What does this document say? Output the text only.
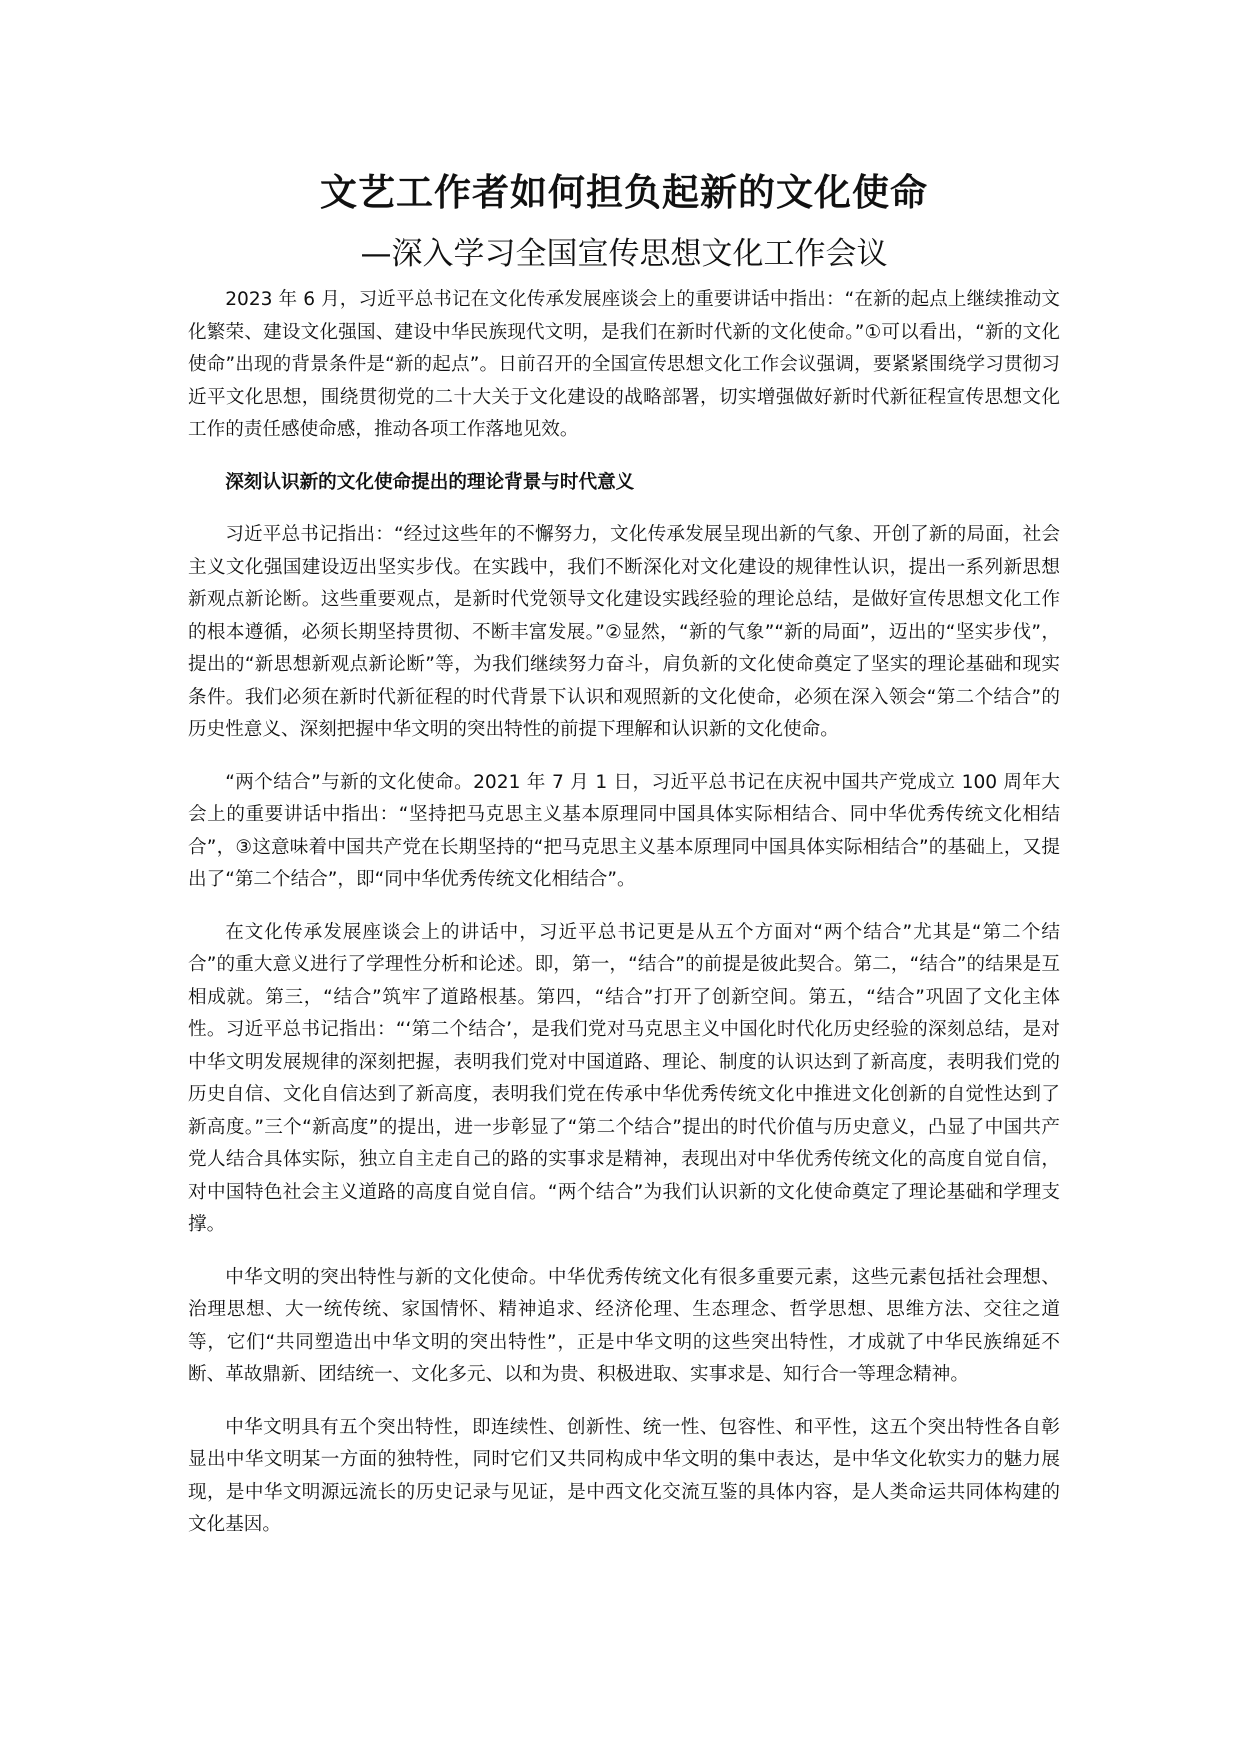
文艺工作者如何担负起新的文化使命
—深入学习全国宣传思想文化工作会议

2023 年 6 月，习近平总书记在文化传承发展座谈会上的重要讲话中指出：“在新的起点上继续推动文化繁荣、建设文化强国、建设中华民族现代文明，是我们在新时代新的文化使命。”①可以看出，“新的文化使命”出现的背景条件是“新的起点”。日前召开的全国宣传思想文化工作会议强调，要紧紧围绕学习贯彻习近平文化思想，围绕贯彻党的二十大关于文化建设的战略部署，切实增强做好新时代新征程宣传思想文化工作的责任感使命感，推动各项工作落地见效。

深刻认识新的文化使命提出的理论背景与时代意义

习近平总书记指出：“经过这些年的不懈努力，文化传承发展呈现出新的气象、开创了新的局面，社会主义文化强国建设迈出坚实步伐。在实践中，我们不断深化对文化建设的规律性认识，提出一系列新思想新观点新论断。这些重要观点，是新时代党领导文化建设实践经验的理论总结，是做好宣传思想文化工作的根本遵循，必须长期坚持贯彻、不断丰富发展。”②显然，“新的气象”“新的局面”，迈出的“坚实步伐”，提出的“新思想新观点新论断”等，为我们继续努力奋斗，肩负新的文化使命奠定了坚实的理论基础和现实条件。我们必须在新时代新征程的时代背景下认识和观照新的文化使命，必须在深入领会“第二个结合”的历史性意义、深刻把握中华文明的突出特性的前提下理解和认识新的文化使命。

“两个结合”与新的文化使命。2021 年 7 月 1 日，习近平总书记在庆祝中国共产党成立 100 周年大会上的重要讲话中指出：“坚持把马克思主义基本原理同中国具体实际相结合、同中华优秀传统文化相结合”，③这意味着中国共产党在长期坚持的“把马克思主义基本原理同中国具体实际相结合”的基础上，又提出了“第二个结合”，即“同中华优秀传统文化相结合”。

在文化传承发展座谈会上的讲话中，习近平总书记更是从五个方面对“两个结合”尤其是“第二个结合”的重大意义进行了学理性分析和论述。即，第一，“结合”的前提是彼此契合。第二，“结合”的结果是互相成就。第三，“结合”筑牢了道路根基。第四，“结合”打开了创新空间。第五，“结合”巩固了文化主体性。习近平总书记指出：“‘第二个结合’，是我们党对马克思主义中国化时代化历史经验的深刻总结，是对中华文明发展规律的深刻把握，表明我们党对中国道路、理论、制度的认识达到了新高度，表明我们党的历史自信、文化自信达到了新高度，表明我们党在传承中华优秀传统文化中推进文化创新的自觉性达到了新高度。”三个“新高度”的提出，进一步彰显了“第二个结合”提出的时代价值与历史意义，凸显了中国共产党人结合具体实际，独立自主走自己的路的实事求是精神，表现出对中华优秀传统文化的高度自觉自信，对中国特色社会主义道路的高度自觉自信。“两个结合”为我们认识新的文化使命奠定了理论基础和学理支撑。

中华文明的突出特性与新的文化使命。中华优秀传统文化有很多重要元素，这些元素包括社会理想、治理思想、大一统传统、家国情怀、精神追求、经济伦理、生态理念、哲学思想、思维方法、交往之道等，它们“共同塑造出中华文明的突出特性”，正是中华文明的这些突出特性，才成就了中华民族绵延不断、革故鼎新、团结统一、文化多元、以和为贵、积极进取、实事求是、知行合一等理念精神。

中华文明具有五个突出特性，即连续性、创新性、统一性、包容性、和平性，这五个突出特性各自彰显出中华文明某一方面的独特性，同时它们又共同构成中华文明的集中表达，是中华文化软实力的魅力展现，是中华文明源远流长的历史记录与见证，是中西文化交流互鉴的具体内容，是人类命运共同体构建的文化基因。
